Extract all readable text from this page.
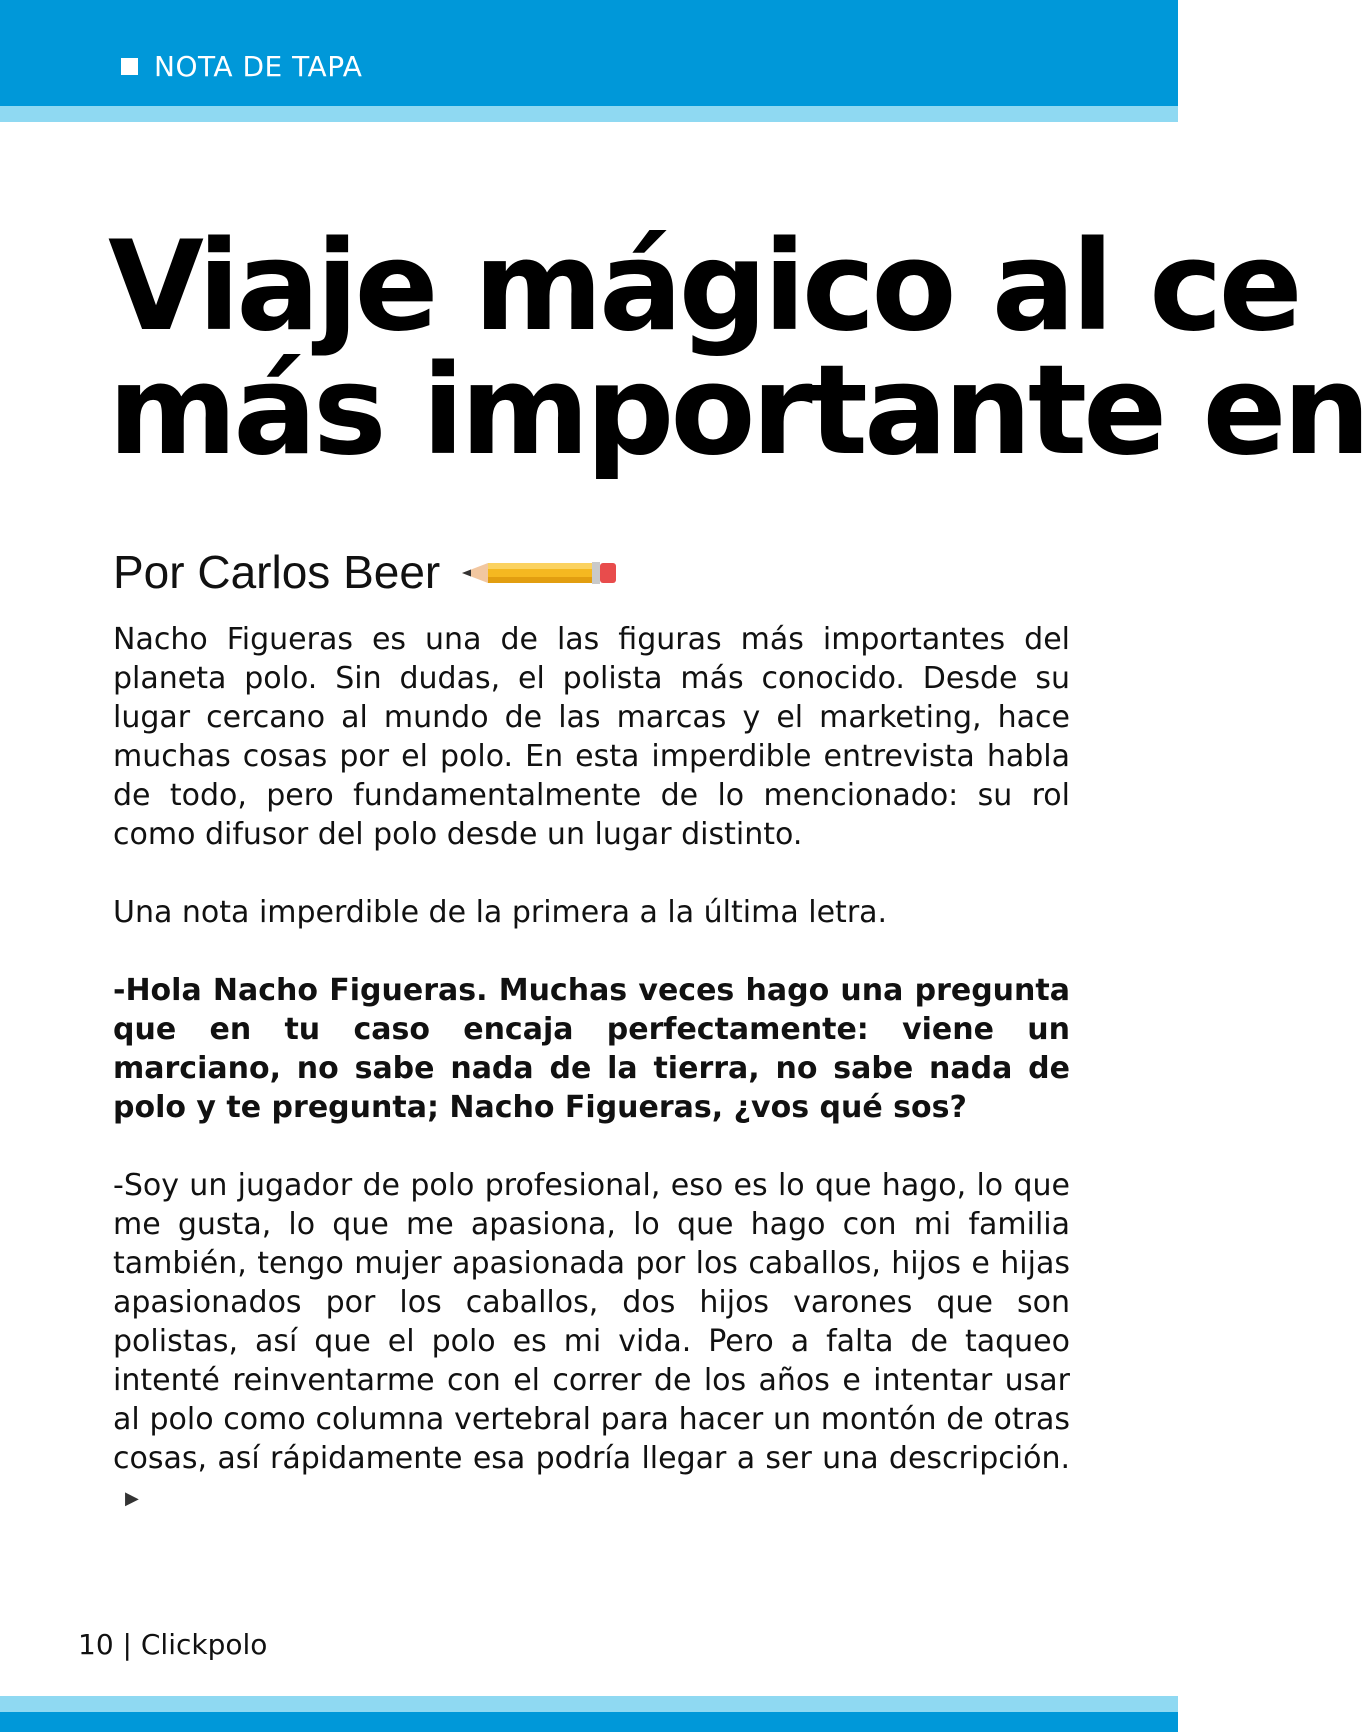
NOTA DE TAPA
Viaje mágico al ce
más importante en
Por Carlos Beer

Nacho Figueras es una de las figuras más importantes del planeta polo. Sin dudas, el polista más conocido. Desde su lugar cercano al mundo de las marcas y el marketing, hace muchas cosas por el polo. En esta imperdible entrevista habla de todo, pero fundamentalmente de lo mencionado: su rol como difusor del polo desde un lugar distinto.

Una nota imperdible de la primera a la última letra.

-Hola Nacho Figueras. Muchas veces hago una pregunta que en tu caso encaja perfectamente: viene un marciano, no sabe nada de la tierra, no sabe nada de polo y te pregunta; Nacho Figueras, ¿vos qué sos?

-Soy un jugador de polo profesional, eso es lo que hago, lo que me gusta, lo que me apasiona, lo que hago con mi familia también, tengo mujer apasionada por los caballos, hijos e hijas apasionados por los caballos, dos hijos varones que son polistas, así que el polo es mi vida. Pero a falta de taqueo intenté reinventarme con el correr de los años e intentar usar al polo como columna vertebral para hacer un montón de otras cosas, así rápidamente esa podría llegar a ser una descripción.▶

10 | Clickpolo
